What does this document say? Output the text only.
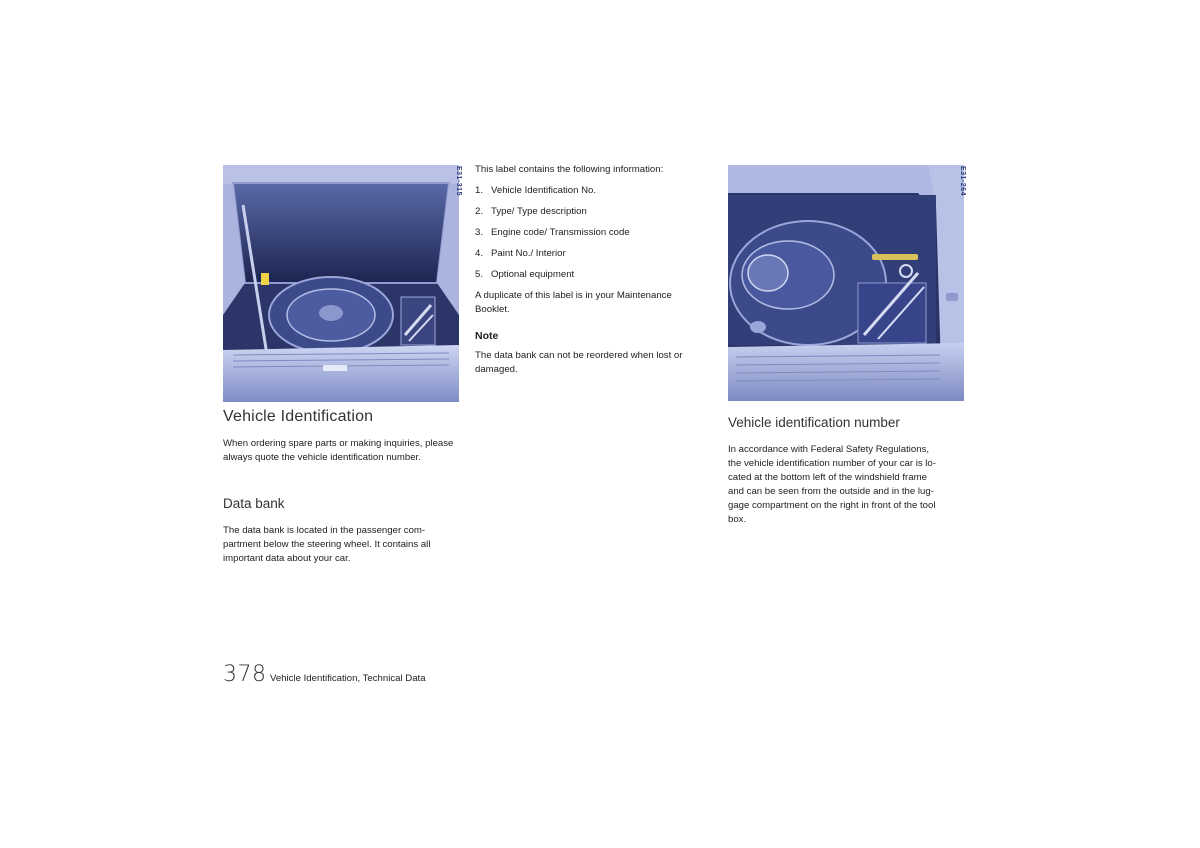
E31-315
Vehicle Identification

When ordering spare parts or making inquiries, please always quote the vehicle identification number.

Data bank

The data bank is located in the passenger com-

partment below the steering wheel. It contains all

important data about your car.

This label contains the following information:

1. Vehicle Identification No.
2. Type/ Type description
3. Engine code/ Transmission code
4. Paint No./ Interior
5. Optional equipment

A duplicate of this label is in your Maintenance Booklet.

Note

The data bank can not be reordered when lost or damaged.

E31-264
Vehicle identification number

In accordance with Federal Safety Regulations,

the vehicle identification number of your car is lo-

cated at the bottom left of the windshield frame

and can be seen from the outside and in the lug-

gage compartment on the right in front of the tool

box.

378 Vehicle Identification, Technical Data
